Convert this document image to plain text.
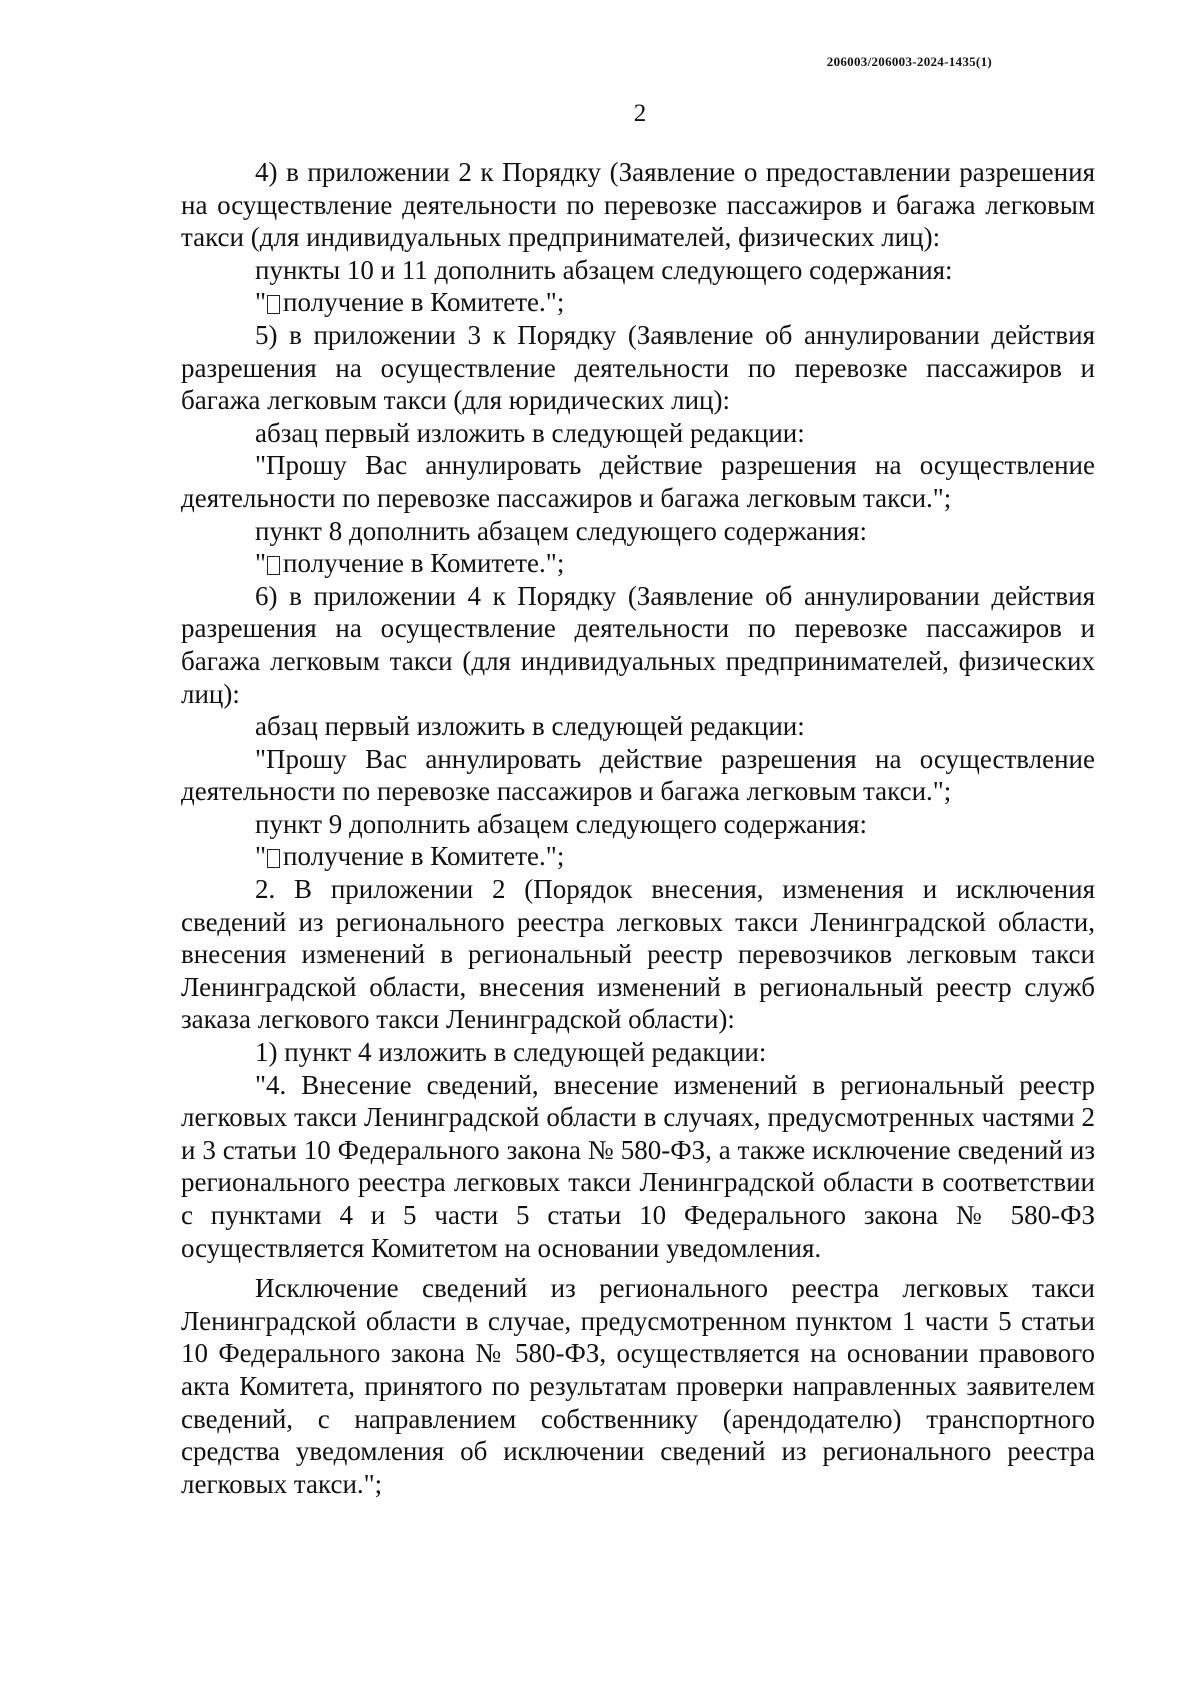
206003/206003-2024-1435(1)
2

4) в приложении 2 к Порядку (Заявление о предоставлении разрешения на осуществление деятельности по перевозке пассажиров и багажа легковым такси (для индивидуальных предпринимателей, физических лиц):

пункты 10 и 11 дополнить абзацем следующего содержания:

" получение в Комитете.";

5) в приложении 3 к Порядку (Заявление об аннулировании действия разрешения на осуществление деятельности по перевозке пассажиров и багажа легковым такси (для юридических лиц):

абзац первый изложить в следующей редакции:

"Прошу Вас аннулировать действие разрешения на осуществление деятельности по перевозке пассажиров и багажа легковым такси.";

пункт 8 дополнить абзацем следующего содержания:

" получение в Комитете.";

6) в приложении 4 к Порядку (Заявление об аннулировании действия разрешения на осуществление деятельности по перевозке пассажиров и багажа легковым такси (для индивидуальных предпринимателей, физических лиц):

абзац первый изложить в следующей редакции:

"Прошу Вас аннулировать действие разрешения на осуществление деятельности по перевозке пассажиров и багажа легковым такси.";

пункт 9 дополнить абзацем следующего содержания:

" получение в Комитете.";

2. В приложении 2 (Порядок внесения, изменения и исключения сведений из регионального реестра легковых такси Ленинградской области, внесения изменений в региональный реестр перевозчиков легковым такси Ленинградской области, внесения изменений в региональный реестр служб заказа легкового такси Ленинградской области):

1) пункт 4 изложить в следующей редакции:

"4. Внесение сведений, внесение изменений в региональный реестр легковых такси Ленинградской области в случаях, предусмотренных частями 2 и 3 статьи 10 Федерального закона № 580-ФЗ, а также исключение сведений из регионального реестра легковых такси Ленинградской области в соответствии с пунктами 4 и 5 части 5 статьи 10 Федерального закона № 580-ФЗ осуществляется Комитетом на основании уведомления.

Исключение сведений из регионального реестра легковых такси Ленинградской области в случае, предусмотренном пунктом 1 части 5 статьи 10 Федерального закона № 580-ФЗ, осуществляется на основании правового акта Комитета, принятого по результатам проверки направленных заявителем сведений, с направлением собственнику (арендодателю) транспортного средства уведомления об исключении сведений из регионального реестра легковых такси.";
